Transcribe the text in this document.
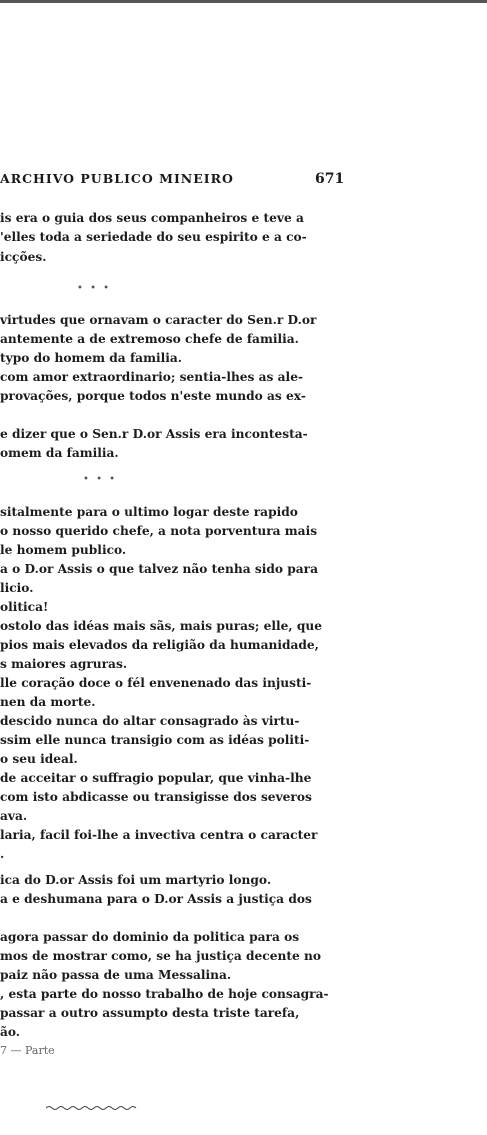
ARCHIVO PUBLICO MINEIRO	671
is era o guia dos seus companheiros e teve a
'elles toda a seriedade do seu espirito e a co-
icções.
• • •
virtudes que ornavam o caracter do Sen.r D.or
antemente a de extremoso chefe de familia.
typo do homem da familia.
com amor extraordinario; sentia-lhes as ale-
provações, porque todos n'este mundo as ex-
e dizer que o Sen.r D.or Assis era incontesta-
omem da familia.
• • •
sitalmente para o ultimo logar deste rapido
o nosso querido chefe, a nota porventura mais
le homem publico.
a o D.or Assis o que talvez não tenha sido para
licio.
olitica!
ostolo das idéas mais sãs, mais puras; elle, que
pios mais elevados da religião da humanidade,
s maiores agruras.
lle coração doce o fél envenenado das injusti-
nen da morte.
descido nunca do altar consagrado às virtu-
ssim elle nunca transigio com as idéas politi-
o seu ideal.
de acceitar o suffragio popular, que vinha-lhe
com isto abdicasse ou transigisse dos severos
ava.
laria, facil foi-lhe a invectiva centra o caracter
.
ica do D.or Assis foi um martyrio longo.
a e deshumana para o D.or Assis a justiça dos
agora passar do dominio da politica para os
mos de mostrar como, se ha justiça decente no
paiz não passa de uma Messalina.
, esta parte do nosso trabalho de hoje consagra-
passar a outro assumpto desta triste tarefa,
ão.
7 — Parte
